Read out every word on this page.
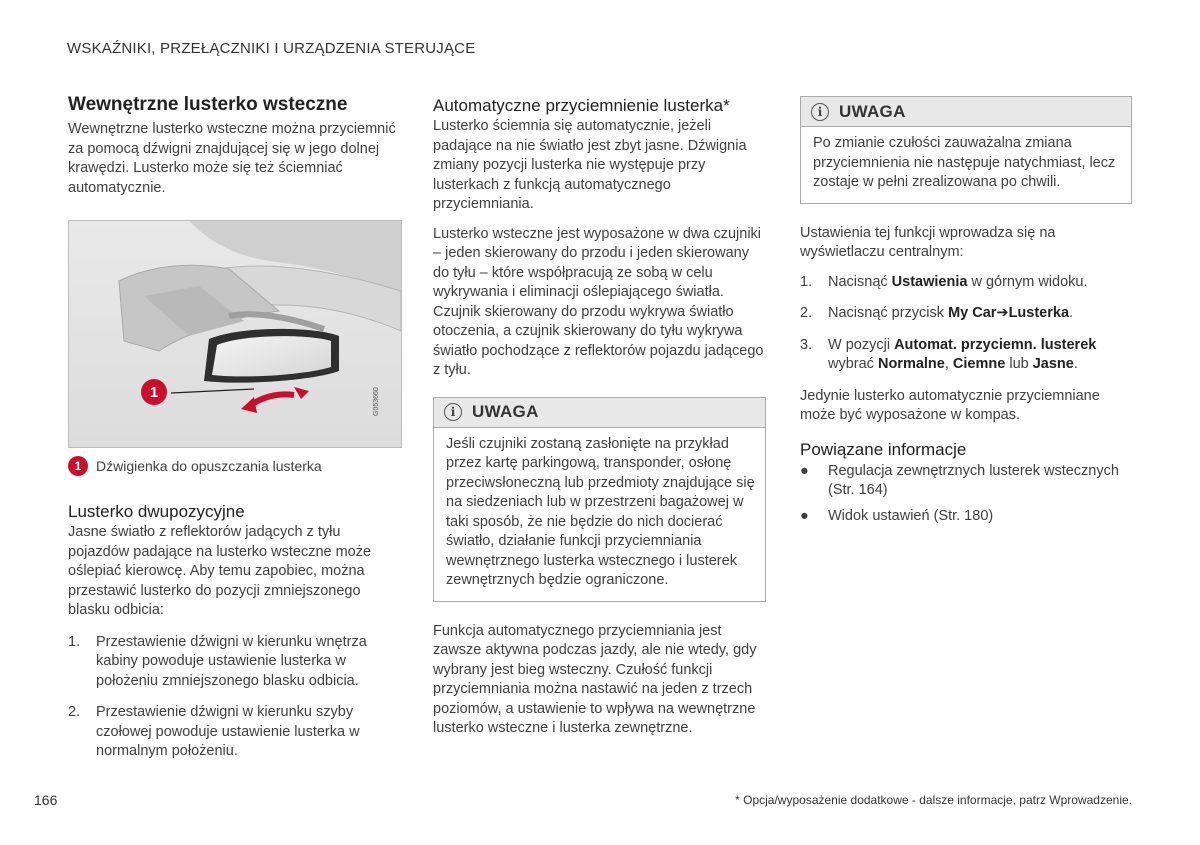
WSKAŹNIKI, PRZEŁĄCZNIKI I URZĄDZENIA STERUJĄCE
Wewnętrzne lusterko wsteczne

Wewnętrzne lusterko wsteczne można przyciemnić za pomocą dźwigni znajdującej się w jego dolnej krawędzi. Lusterko może się też ściemniać automatycznie.

1	G053660
1	Dźwigienka do opuszczania lusterka
Lusterko dwupozycyjne

Jasne światło z reflektorów jadących z tyłu pojazdów padające na lusterko wsteczne może oślepiać kierowcę. Aby temu zapobiec, można przestawić lusterko do pozycji zmniejszonego blasku odbicia:

1.	Przestawienie dźwigni w kierunku wnętrza kabiny powoduje ustawienie lusterka w położeniu zmniejszonego blasku odbicia.
2.	Przestawienie dźwigni w kierunku szyby czołowej powoduje ustawienie lusterka w normalnym położeniu.
Automatyczne przyciemnienie lusterka*

Lusterko ściemnia się automatycznie, jeżeli padające na nie światło jest zbyt jasne. Dźwignia zmiany pozycji lusterka nie występuje przy lusterkach z funkcją automatycznego przyciemniania.

Lusterko wsteczne jest wyposażone w dwa czujniki – jeden skierowany do przodu i jeden skierowany do tyłu – które współpracują ze sobą w celu wykrywania i eliminacji oślepiającego światła. Czujnik skierowany do przodu wykrywa światło otoczenia, a czujnik skierowany do tyłu wykrywa światło pochodzące z reflektorów pojazdu jadącego z tyłu.

i UWAGA
Jeśli czujniki zostaną zasłonięte na przykład przez kartę parkingową, transponder, osłonę przeciwsłoneczną lub przedmioty znajdujące się na siedzeniach lub w przestrzeni bagażowej w taki sposób, że nie będzie do nich docierać światło, działanie funkcji przyciemniania wewnętrznego lusterka wstecznego i lusterek zewnętrznych będzie ograniczone.

Funkcja automatycznego przyciemniania jest zawsze aktywna podczas jazdy, ale nie wtedy, gdy wybrany jest bieg wsteczny. Czułość funkcji przyciemniania można nastawić na jeden z trzech poziomów, a ustawienie to wpływa na wewnętrzne lusterko wsteczne i lusterka zewnętrzne.

i UWAGA
Po zmianie czułości zauważalna zmiana przyciemnienia nie następuje natychmiast, lecz zostaje w pełni zrealizowana po chwili.

Ustawienia tej funkcji wprowadza się na wyświetlaczu centralnym:

1.	Nacisnąć Ustawienia w górnym widoku.
2.	Nacisnąć przycisk My Car➔Lusterka.
3.	W pozycji Automat. przyciemn. lusterek wybrać Normalne, Ciemne lub Jasne.

Jedynie lusterko automatycznie przyciemniane może być wyposażone w kompas.

Powiązane informacje
●	Regulacja zewnętrznych lusterek wstecznych (Str. 164)
●	Widok ustawień (Str. 180)
166	* Opcja/wyposażenie dodatkowe - dalsze informacje, patrz Wprowadzenie.
